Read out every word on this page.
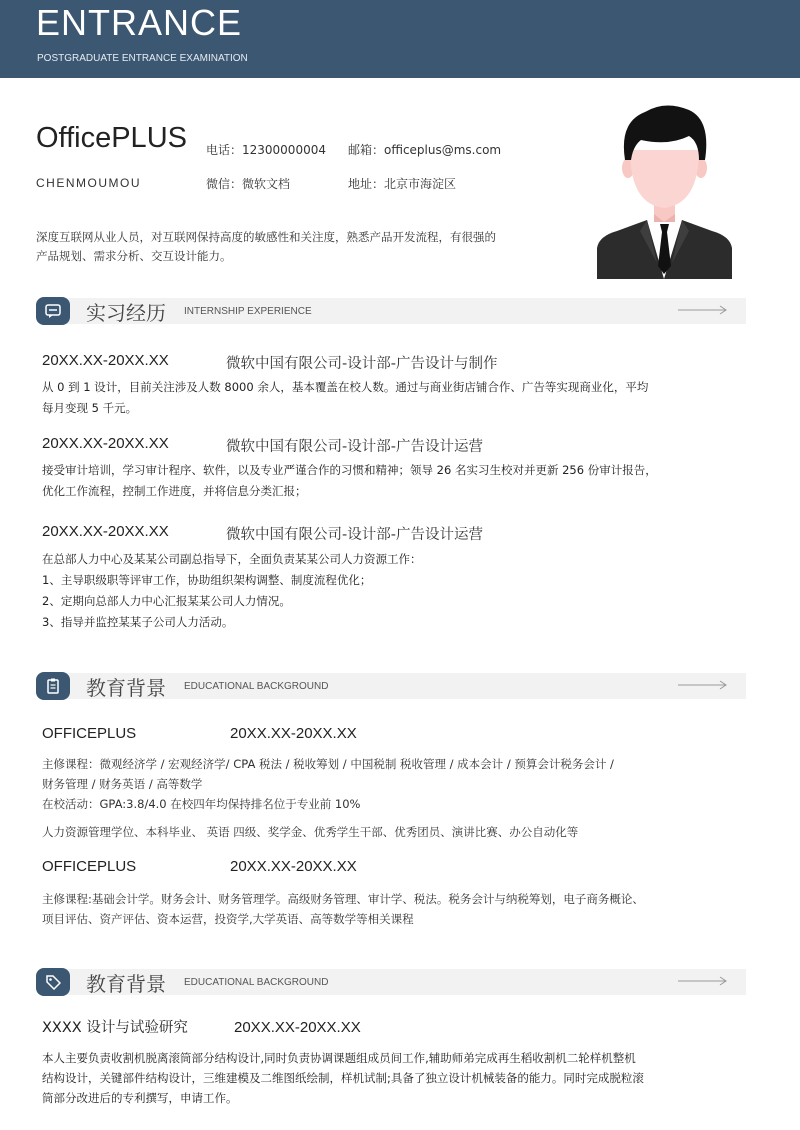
ENTRANCE
POSTGRADUATE ENTRANCE EXAMINATION
OfficePLUS
CHENMOUMOU
电话：12300000004 邮箱：officeplus@ms.com
微信：微软文档	地址：北京市海淀区
深度互联网从业人员，对互联网保持高度的敏感性和关注度，熟悉产品开发流程，有很强的产品规划、需求分析、交互设计能力。
实习经历 INTERNSHIP EXPERIENCE
20XX.XX-20XX.XX	微软中国有限公司-设计部-广告设计与制作
从 0 到 1 设计，目前关注涉及人数 8000 余人，基本覆盖在校人数。通过与商业街店铺合作、广告等实现商业化，平均
每月变现 5 千元。
20XX.XX-20XX.XX	微软中国有限公司-设计部-广告设计运营
接受审计培训，学习审计程序、软件，以及专业严谨合作的习惯和精神；领导 26 名实习生校对并更新 256 份审计报告，
优化工作流程，控制工作进度，并将信息分类汇报；
20XX.XX-20XX.XX	微软中国有限公司-设计部-广告设计运营
在总部人力中心及某某公司副总指导下，全面负责某某公司人力资源工作：
1、主导职级职等评审工作，协助组织架构调整、制度流程优化；
2、定期向总部人力中心汇报某某公司人力情况。
3、指导并监控某某子公司人力活动。
教育背景 EDUCATIONAL BACKGROUND
OFFICEPLUS	20XX.XX-20XX.XX
主修课程：微观经济学 / 宏观经济学/ CPA 税法 / 税收筹划 / 中国税制 税收管理 / 成本会计 / 预算会计税务会计 /
财务管理 / 财务英语 / 高等数学
在校活动：GPA:3.8/4.0 在校四年均保持排名位于专业前 10%
人力资源管理学位、本科毕业、 英语 四级、奖学金、优秀学生干部、优秀团员、演讲比赛、办公自动化等
OFFICEPLUS	20XX.XX-20XX.XX
主修课程:基础会计学。财务会计、财务管理学。高级财务管理、审计学、税法。税务会计与纳税筹划，电子商务概论、
项目评估、资产评估、资本运营，投资学,大学英语、高等数学等相关课程
教育背景 EDUCATIONAL BACKGROUND
XXXX 设计与试验研究	20XX.XX-20XX.XX
本人主要负责收割机脱离滚筒部分结构设计,同时负责协调课题组成员间工作,辅助师弟完成再生稻收割机二轮样机整机
结构设计，关键部件结构设计，三维建模及二维图纸绘制，样机试制;具备了独立设计机械装备的能力。同时完成脱粒滚
筒部分改进后的专利撰写，申请工作。
